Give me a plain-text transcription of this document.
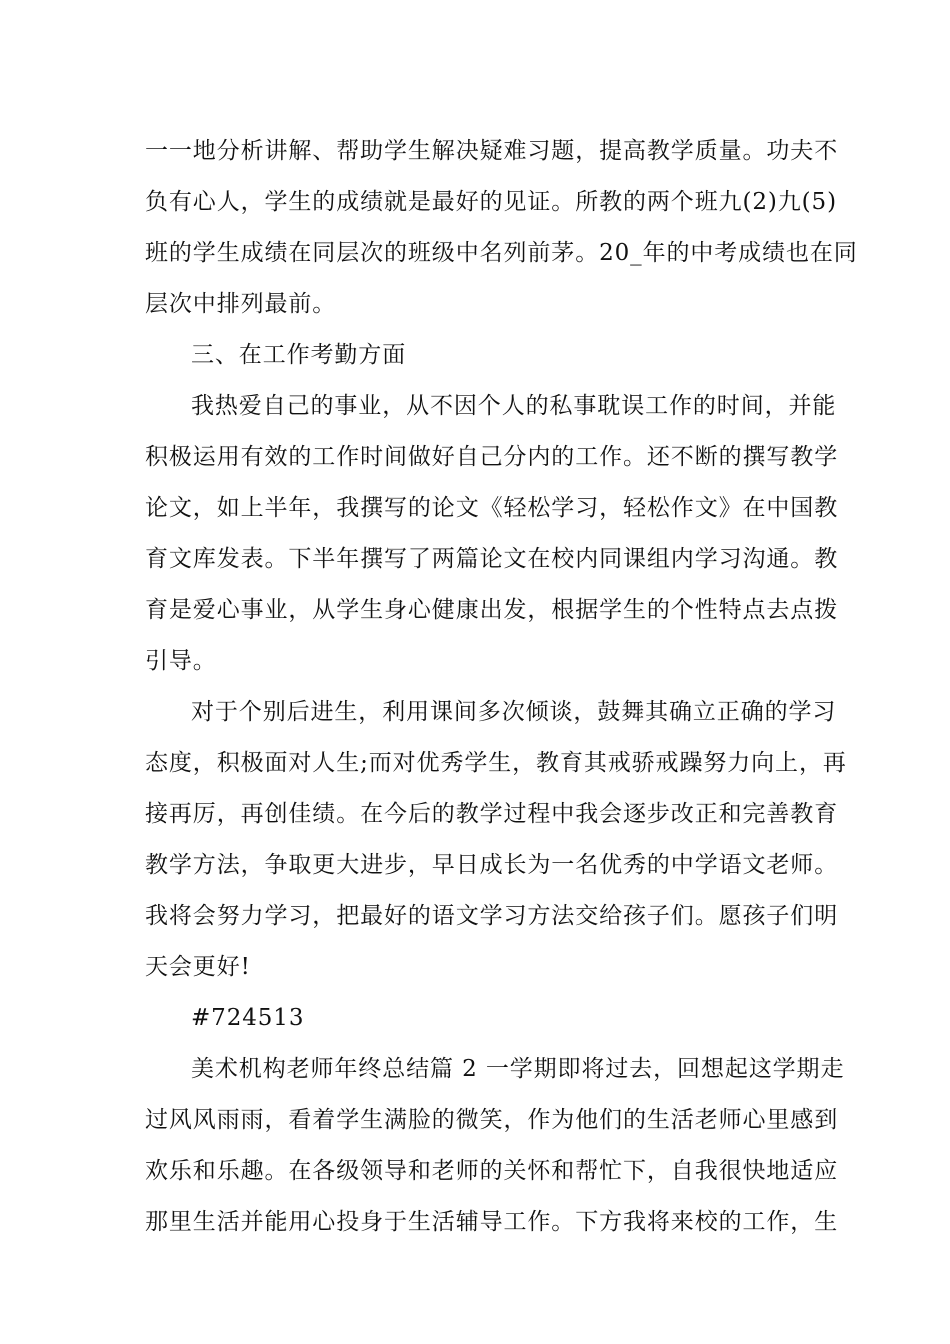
一一地分析讲解、帮助学生解决疑难习题，提高教学质量。功夫不
负有心人，学生的成绩就是最好的见证。所教的两个班九(2)九(5)
班的学生成绩在同层次的班级中名列前茅。20_年的中考成绩也在同
层次中排列最前。
三、在工作考勤方面
我热爱自己的事业，从不因个人的私事耽误工作的时间，并能
积极运用有效的工作时间做好自己分内的工作。还不断的撰写教学
论文，如上半年，我撰写的论文《轻松学习，轻松作文》在中国教
育文库发表。下半年撰写了两篇论文在校内同课组内学习沟通。教
育是爱心事业，从学生身心健康出发，根据学生的个性特点去点拨
引导。
对于个别后进生，利用课间多次倾谈，鼓舞其确立正确的学习
态度，积极面对人生;而对优秀学生，教育其戒骄戒躁努力向上，再
接再厉，再创佳绩。在今后的教学过程中我会逐步改正和完善教育
教学方法，争取更大进步，早日成长为一名优秀的中学语文老师。
我将会努力学习，把最好的语文学习方法交给孩子们。愿孩子们明
天会更好!
#724513
美术机构老师年终总结篇 2 一学期即将过去，回想起这学期走
过风风雨雨，看着学生满脸的微笑，作为他们的生活老师心里感到
欢乐和乐趣。在各级领导和老师的关怀和帮忙下，自我很快地适应
那里生活并能用心投身于生活辅导工作。下方我将来校的工作，生
